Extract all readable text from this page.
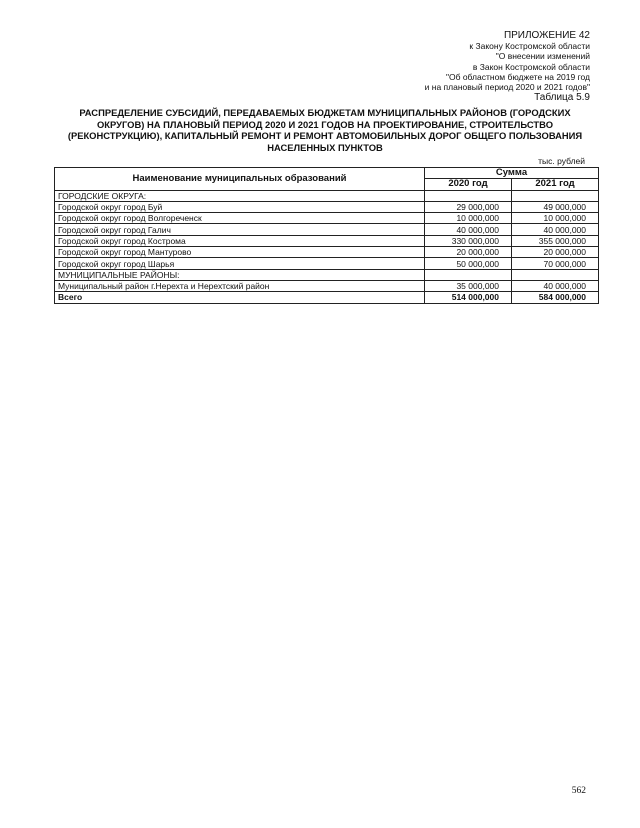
ПРИЛОЖЕНИЕ 42
к Закону Костромской области
"О внесении изменений
в Закон Костромской области
"Об областном бюджете на 2019 год
и на плановый период 2020 и 2021 годов"
Таблица 5.9
РАСПРЕДЕЛЕНИЕ СУБСИДИЙ, ПЕРЕДАВАЕМЫХ БЮДЖЕТАМ МУНИЦИПАЛЬНЫХ РАЙОНОВ (ГОРОДСКИХ
ОКРУГОВ) НА ПЛАНОВЫЙ ПЕРИОД 2020 И 2021 ГОДОВ НА ПРОЕКТИРОВАНИЕ, СТРОИТЕЛЬСТВО
(РЕКОНСТРУКЦИЮ), КАПИТАЛЬНЫЙ РЕМОНТ И РЕМОНТ АВТОМОБИЛЬНЫХ ДОРОГ ОБЩЕГО ПОЛЬЗОВАНИЯ
НАСЕЛЕННЫХ ПУНКТОВ
тыс. рублей
Наименование муниципальных образований	Сумма	
	2020 год	2021 год
ГОРОДСКИЕ ОКРУГА:		
Городской округ город Буй	29 000,000	49 000,000
Городской округ город Волгореченск	10 000,000	10 000,000
Городской округ город Галич	40 000,000	40 000,000
Городской округ город Кострома	330 000,000	355 000,000
Городской округ город Мантурово	20 000,000	20 000,000
Городской округ город Шарья	50 000,000	70 000,000
МУНИЦИПАЛЬНЫЕ РАЙОНЫ:		
Муниципальный район г.Нерехта и Нерехтский район	35 000,000	40 000,000
Всего	514 000,000	584 000,000
562
